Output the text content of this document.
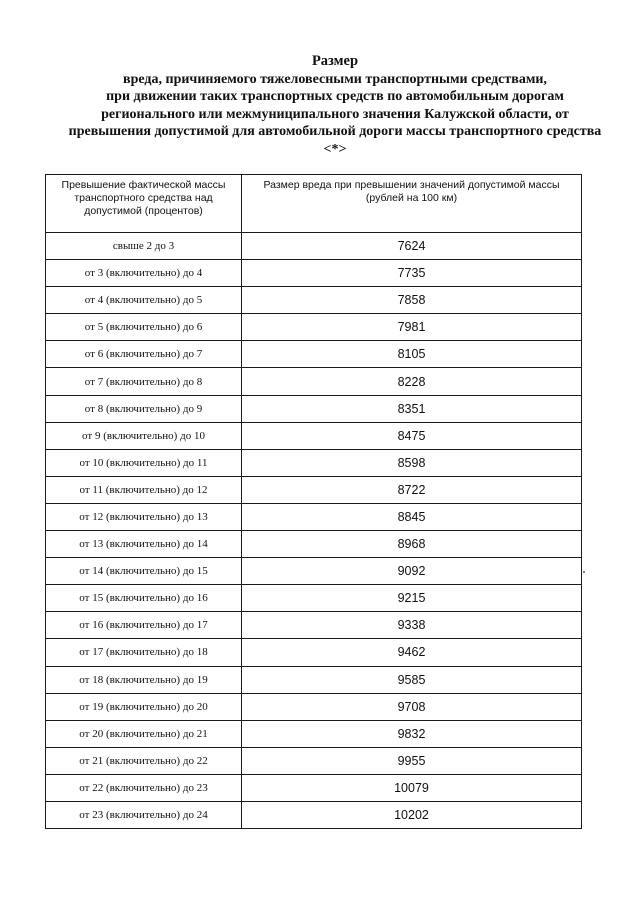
Размер
вреда, причиняемого тяжеловесными транспортными средствами,
при движении таких транспортных средств по автомобильным дорогам
регионального или межмуниципального значения Калужской области, от
превышения допустимой для автомобильной дороги массы транспортного средства
<*>
Превышение фактической массы транспортного средства над допустимой (процентов)	Размер вреда при превышении значений допустимой массы (рублей на 100 км)
свыше 2 до 3	7624
от 3 (включительно) до 4	7735
от 4 (включительно) до 5	7858
от 5 (включительно) до 6	7981
от 6 (включительно) до 7	8105
от 7 (включительно) до 8	8228
от 8 (включительно) до 9	8351
от 9 (включительно) до 10	8475
от 10 (включительно) до 11	8598
от 11 (включительно) до 12	8722
от 12 (включительно) до 13	8845
от 13 (включительно) до 14	8968
от 14 (включительно) до 15	9092
от 15 (включительно) до 16	9215
от 16 (включительно) до 17	9338
от 17 (включительно) до 18	9462
от 18 (включительно) до 19	9585
от 19 (включительно) до 20	9708
от 20 (включительно) до 21	9832
от 21 (включительно) до 22	9955
от 22 (включительно) до 23	10079
от 23 (включительно) до 24	10202
